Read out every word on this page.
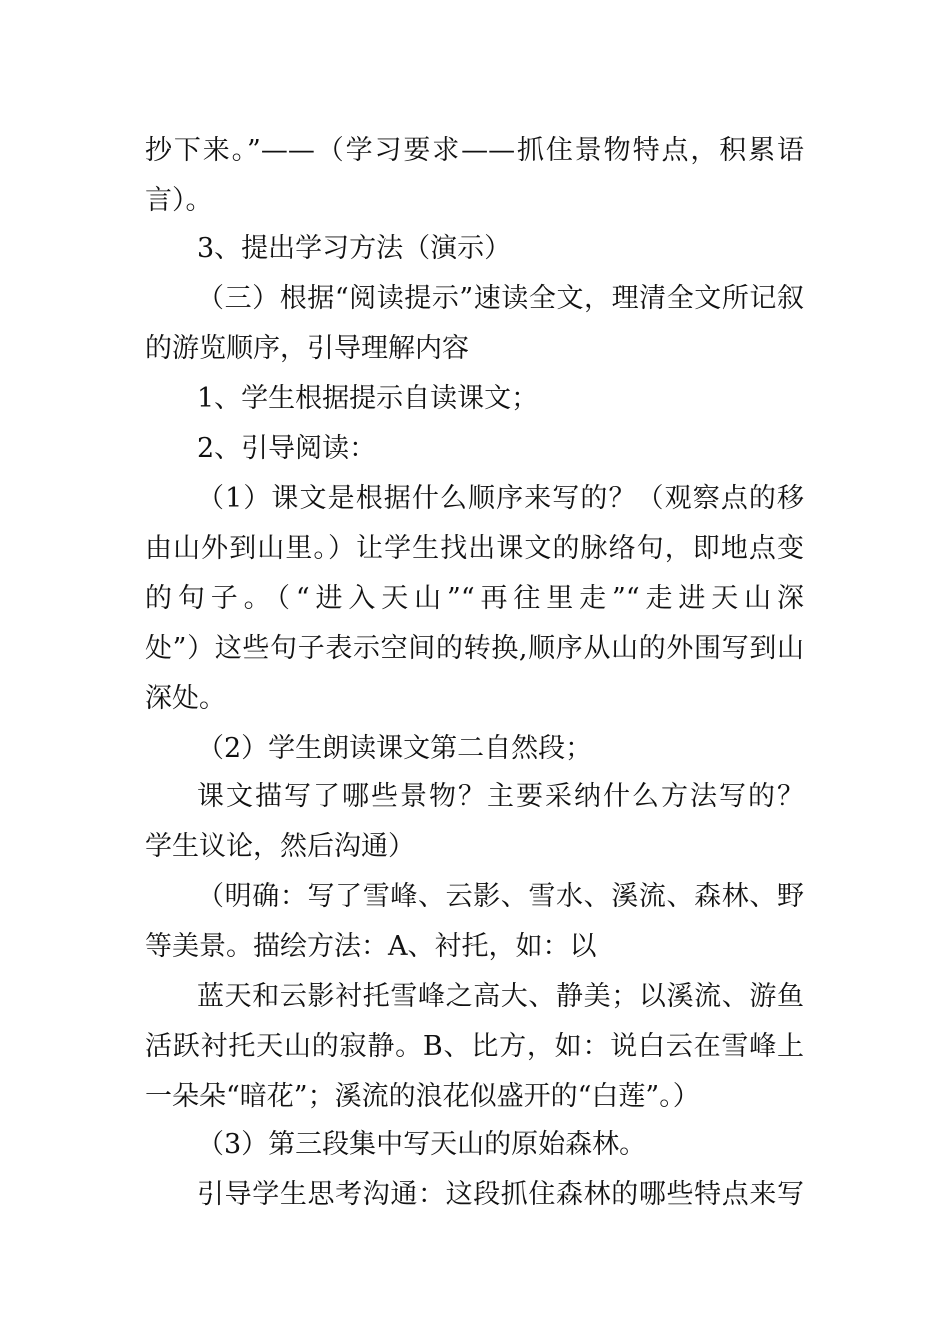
抄下来。”——（学习要求——抓住景物特点，积累语
言）。
3、提出学习方法（演示）
（三）根据“阅读提示”速读全文，理清全文所记叙
的游览顺序，引导理解内容
1、学生根据提示自读课文；
2、引导阅读：
（1）课文是根据什么顺序来写的？（观察点的移
由山外到山里。）让学生找出课文的脉络句，即地点变
的句子。（“进入天山”“再往里走”“走进天山深
处”）这些句子表示空间的转换,顺序从山的外围写到山
深处。
（2）学生朗读课文第二自然段；
课文描写了哪些景物？主要采纳什么方法写的？
学生议论，然后沟通）
（明确：写了雪峰、云影、雪水、溪流、森林、野
等美景。描绘方法：A、衬托，如：以
蓝天和云影衬托雪峰之高大、静美；以溪流、游鱼
活跃衬托天山的寂静。B、比方，如：说白云在雪峰上
一朵朵“暗花”；溪流的浪花似盛开的“白莲”。）
（3）第三段集中写天山的原始森林。
引导学生思考沟通：这段抓住森林的哪些特点来写
